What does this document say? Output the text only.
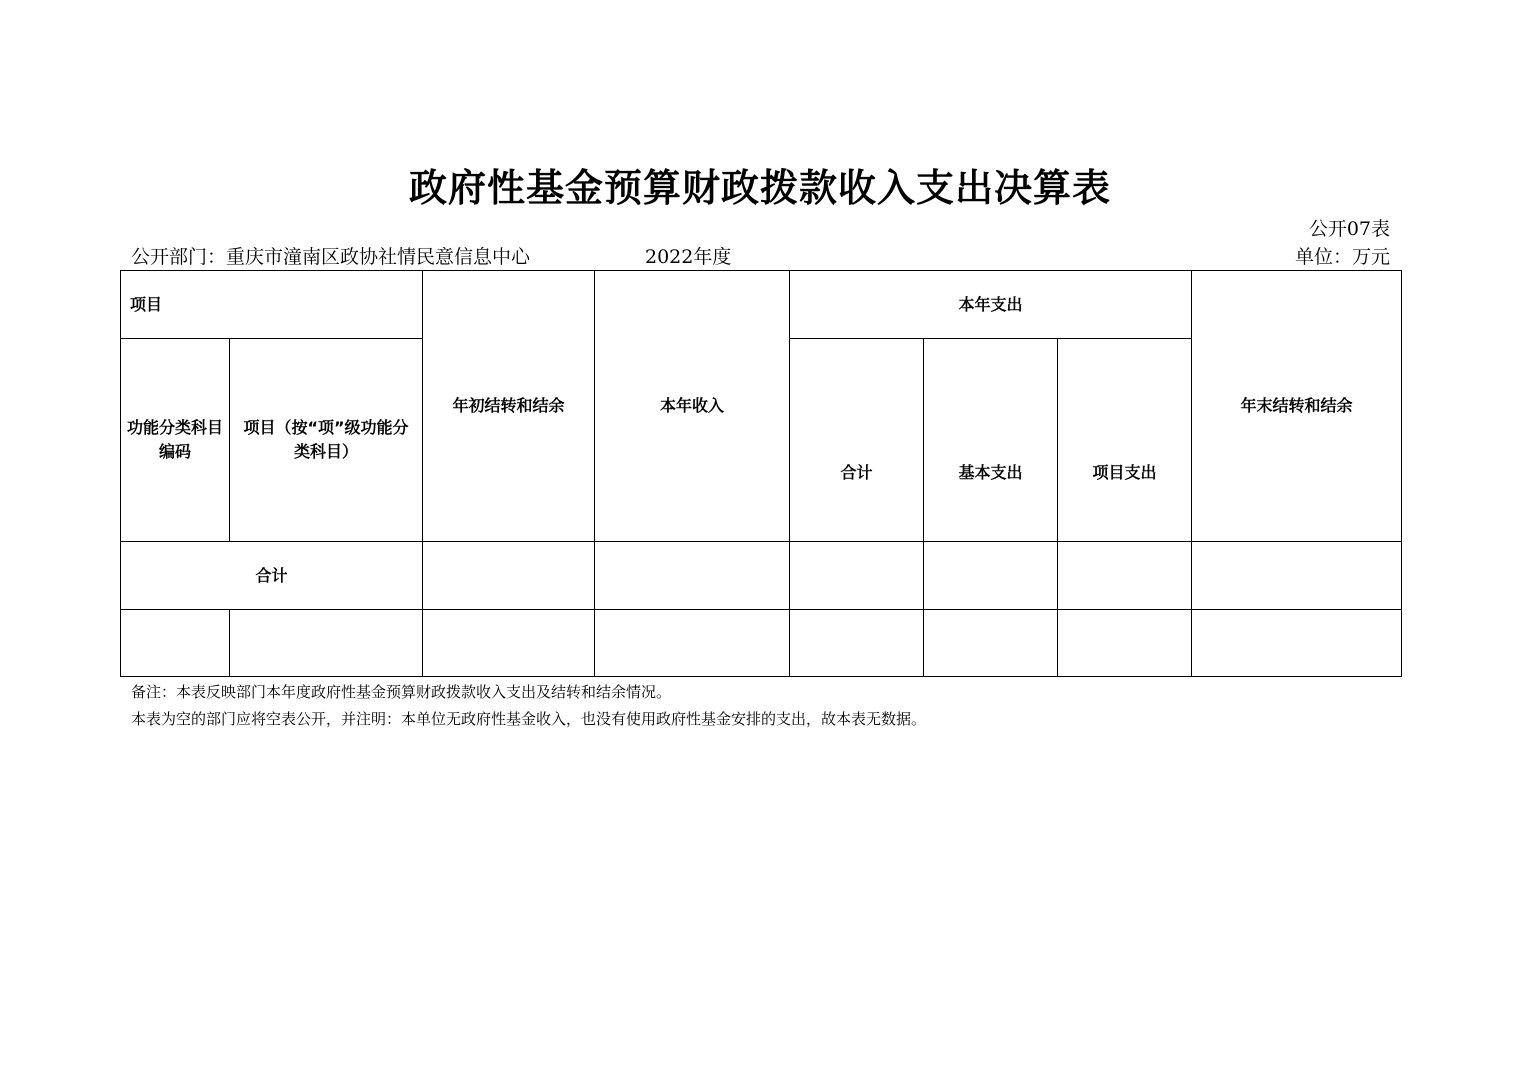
政府性基金预算财政拨款收入支出决算表
公开07表
公开部门：重庆市潼南区政协社情民意信息中心	2022年度	单位：万元
项目		年初结转和结余	本年收入	本年支出			年末结转和结余
功能分类科目编码	项目（按“项”级功能分类科目）			合计	基本支出	项目支出	
合计							

备注：本表反映部门本年度政府性基金预算财政拨款收入支出及结转和结余情况。
本表为空的部门应将空表公开，并注明：本单位无政府性基金收入，也没有使用政府性基金安排的支出，故本表无数据。
